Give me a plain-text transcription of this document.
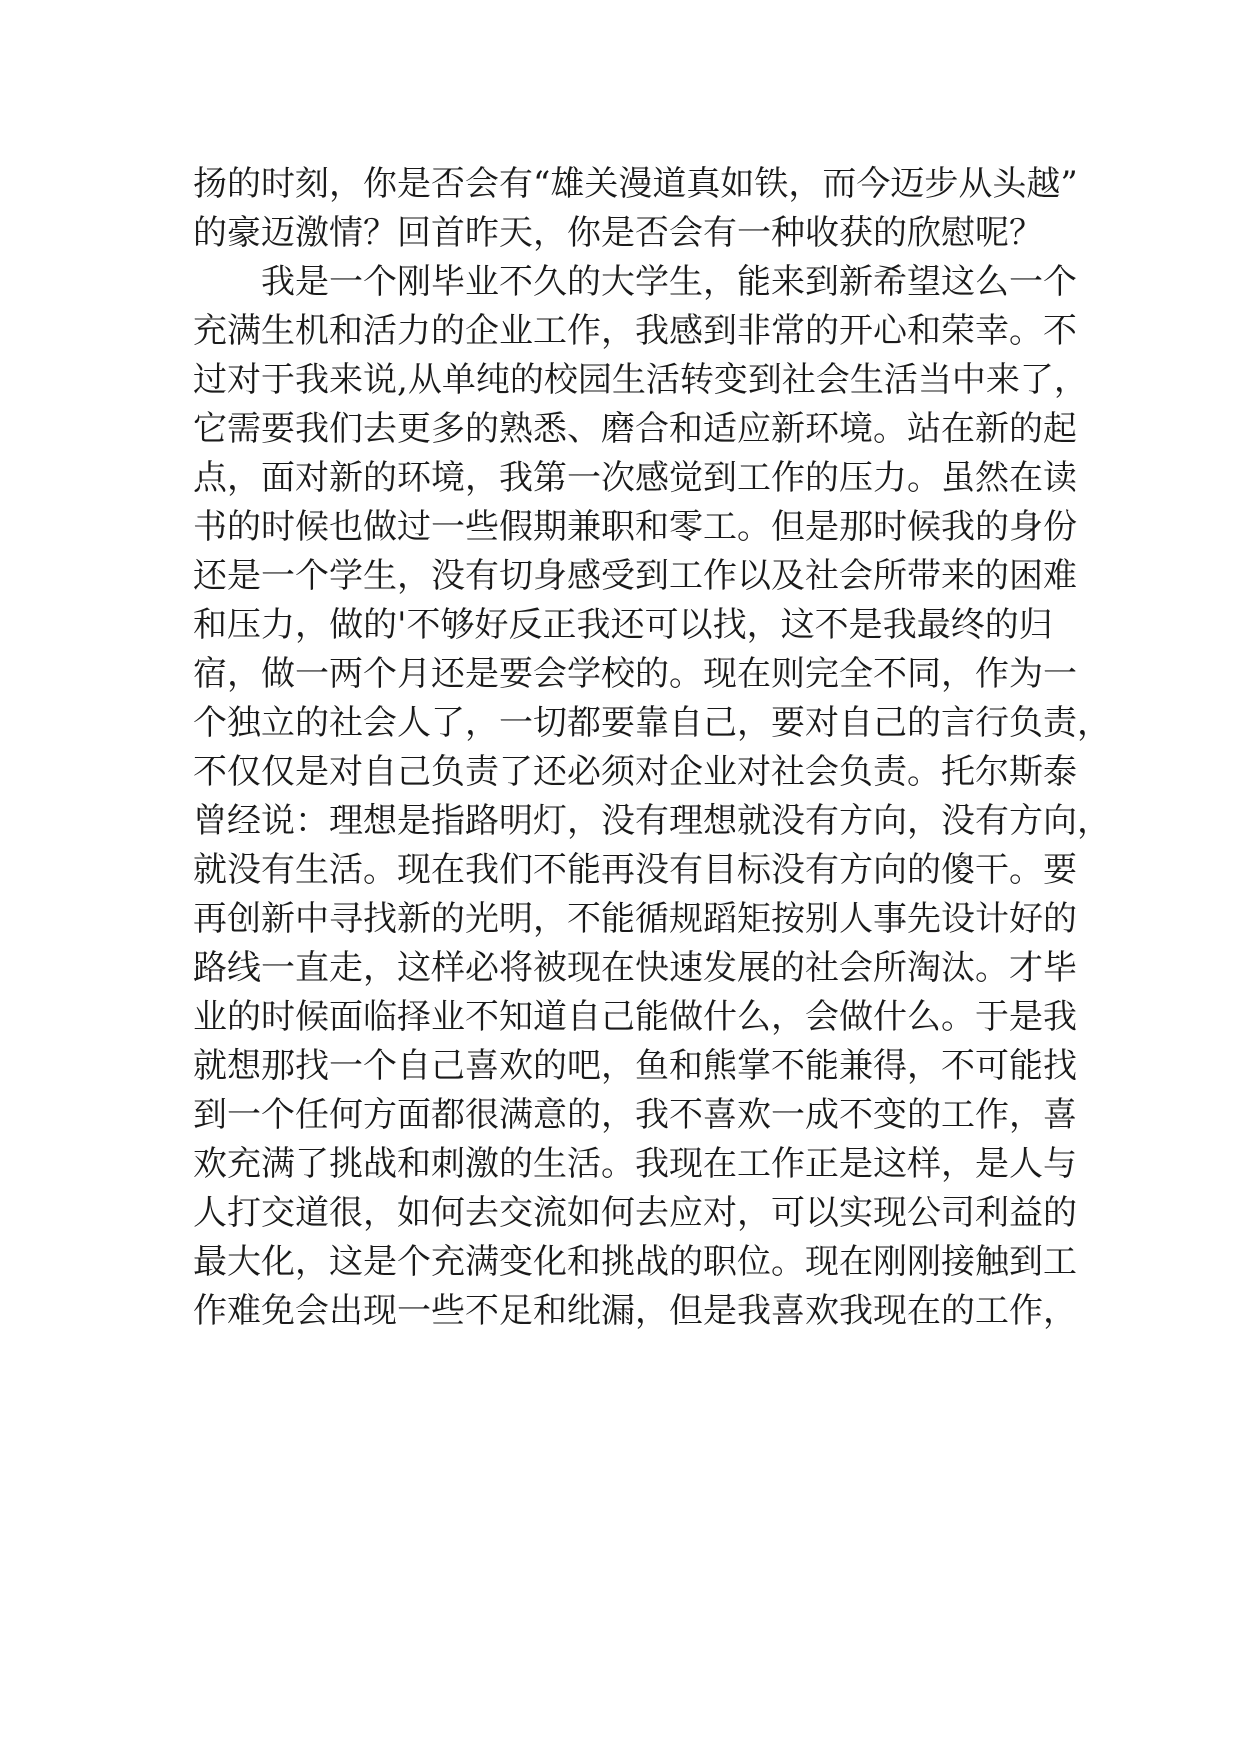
扬 的 时 刻 ， 你 是 否 会 有 “ 雄 关 漫 道 真 如 铁 ， 而 今 迈 步 从 头 越 ”
的豪迈激情？回首昨天，你是否会有一种收获的欣慰呢？
我 是 一 个 刚 毕 业 不 久 的 大 学 生 ， 能 来 到 新 希 望 这 么 一 个
充 满 生 机 和 活 力 的 企 业 工 作 ， 我 感 到 非 常 的 开 心 和 荣 幸 。 不
过 对 于 我 来 说 , 从 单 纯 的 校 园 生 活 转 变 到 社 会 生 活 当 中 来 了 ，
它 需 要 我 们 去 更 多 的 熟 悉 、 磨 合 和 适 应 新 环 境 。 站 在 新 的 起
点 ， 面 对 新 的 环 境 ， 我 第 一 次 感 觉 到 工 作 的 压 力 。 虽 然 在 读
书 的 时 候 也 做 过 一 些 假 期 兼 职 和 零 工 。 但 是 那 时 候 我 的 身 份
还 是 一 个 学 生 ， 没 有 切 身 感 受 到 工 作 以 及 社 会 所 带 来 的 困 难
和 压 力 ， 做 的 ' 不 够 好 反 正 我 还 可 以 找 ， 这 不 是 我 最 终 的 归
宿 ， 做 一 两 个 月 还 是 要 会 学 校 的 。 现 在 则 完 全 不 同 ， 作 为 一
个 独 立 的 社 会 人 了 ， 一 切 都 要 靠 自 己 ， 要 对 自 己 的 言 行 负 责 ，
不 仅 仅 是 对 自 己 负 责 了 还 必 须 对 企 业 对 社 会 负 责 。 托 尔 斯 泰
曾 经 说 ： 理 想 是 指 路 明 灯 ， 没 有 理 想 就 没 有 方 向 ， 没 有 方 向 ，
就 没 有 生 活 。 现 在 我 们 不 能 再 没 有 目 标 没 有 方 向 的 傻 干 。 要
再 创 新 中 寻 找 新 的 光 明 ， 不 能 循 规 蹈 矩 按 别 人 事 先 设 计 好 的
路 线 一 直 走 ， 这 样 必 将 被 现 在 快 速 发 展 的 社 会 所 淘 汰 。 才 毕
业 的 时 候 面 临 择 业 不 知 道 自 己 能 做 什 么 ， 会 做 什 么 。 于 是 我
就 想 那 找 一 个 自 己 喜 欢 的 吧 ， 鱼 和 熊 掌 不 能 兼 得 ， 不 可 能 找
到 一 个 任 何 方 面 都 很 满 意 的 ， 我 不 喜 欢 一 成 不 变 的 工 作 ， 喜
欢 充 满 了 挑 战 和 刺 激 的 生 活 。 我 现 在 工 作 正 是 这 样 ， 是 人 与
人 打 交 道 很 ， 如 何 去 交 流 如 何 去 应 对 ， 可 以 实 现 公 司 利 益 的
最 大 化 ， 这 是 个 充 满 变 化 和 挑 战 的 职 位 。 现 在 刚 刚 接 触 到 工
作 难 免 会 出 现 一 些 不 足 和 纰 漏 ， 但 是 我 喜 欢 我 现 在 的 工 作 ，
